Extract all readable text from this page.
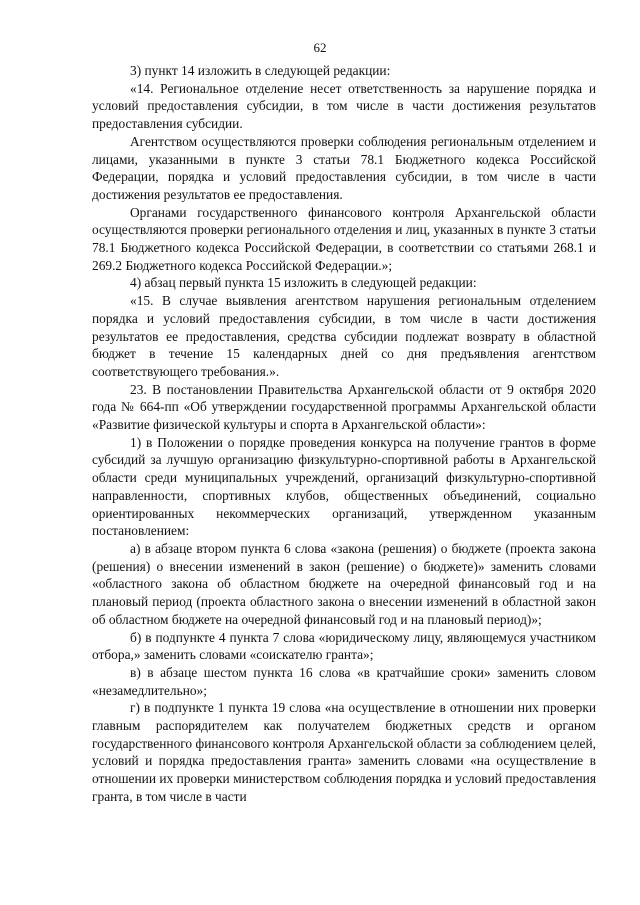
62

3) пункт 14 изложить в следующей редакции:

«14. Региональное отделение несет ответственность за нарушение порядка и условий предоставления субсидии, в том числе в части достижения результатов предоставления субсидии.

Агентством осуществляются проверки соблюдения региональным отделением и лицами, указанными в пункте 3 статьи 78.1 Бюджетного кодекса Российской Федерации, порядка и условий предоставления субсидии, в том числе в части достижения результатов ее предоставления.

Органами государственного финансового контроля Архангельской области осуществляются проверки регионального отделения и лиц, указанных в пункте 3 статьи 78.1 Бюджетного кодекса Российской Федерации, в соответствии со статьями 268.1 и 269.2 Бюджетного кодекса Российской Федерации.»;

4) абзац первый пункта 15 изложить в следующей редакции:

«15. В случае выявления агентством нарушения региональным отделением порядка и условий предоставления субсидии, в том числе в части достижения результатов ее предоставления, средства субсидии подлежат возврату в областной бюджет в течение 15 календарных дней со дня предъявления агентством соответствующего требования.».

23. В постановлении Правительства Архангельской области от 9 октября 2020 года № 664-пп «Об утверждении государственной программы Архангельской области «Развитие физической культуры и спорта в Архангельской области»:

1) в Положении о порядке проведения конкурса на получение грантов в форме субсидий за лучшую организацию физкультурно-спортивной работы в Архангельской области среди муниципальных учреждений, организаций физкультурно-спортивной направленности, спортивных клубов, общественных объединений, социально ориентированных некоммерческих организаций, утвержденном указанным постановлением:

а) в абзаце втором пункта 6 слова «закона (решения) о бюджете (проекта закона (решения) о внесении изменений в закон (решение) о бюджете)» заменить словами «областного закона об областном бюджете на очередной финансовый год и на плановый период (проекта областного закона о внесении изменений в областной закон об областном бюджете на очередной финансовый год и на плановый период)»;

б) в подпункте 4 пункта 7 слова «юридическому лицу, являющемуся участником отбора,» заменить словами «соискателю гранта»;

в) в абзаце шестом пункта 16 слова «в кратчайшие сроки» заменить словом «незамедлительно»;

г) в подпункте 1 пункта 19 слова «на осуществление в отношении них проверки главным распорядителем как получателем бюджетных средств и органом государственного финансового контроля Архангельской области за соблюдением целей, условий и порядка предоставления гранта» заменить словами «на осуществление в отношении их проверки министерством соблюдения порядка и условий предоставления гранта, в том числе в части
